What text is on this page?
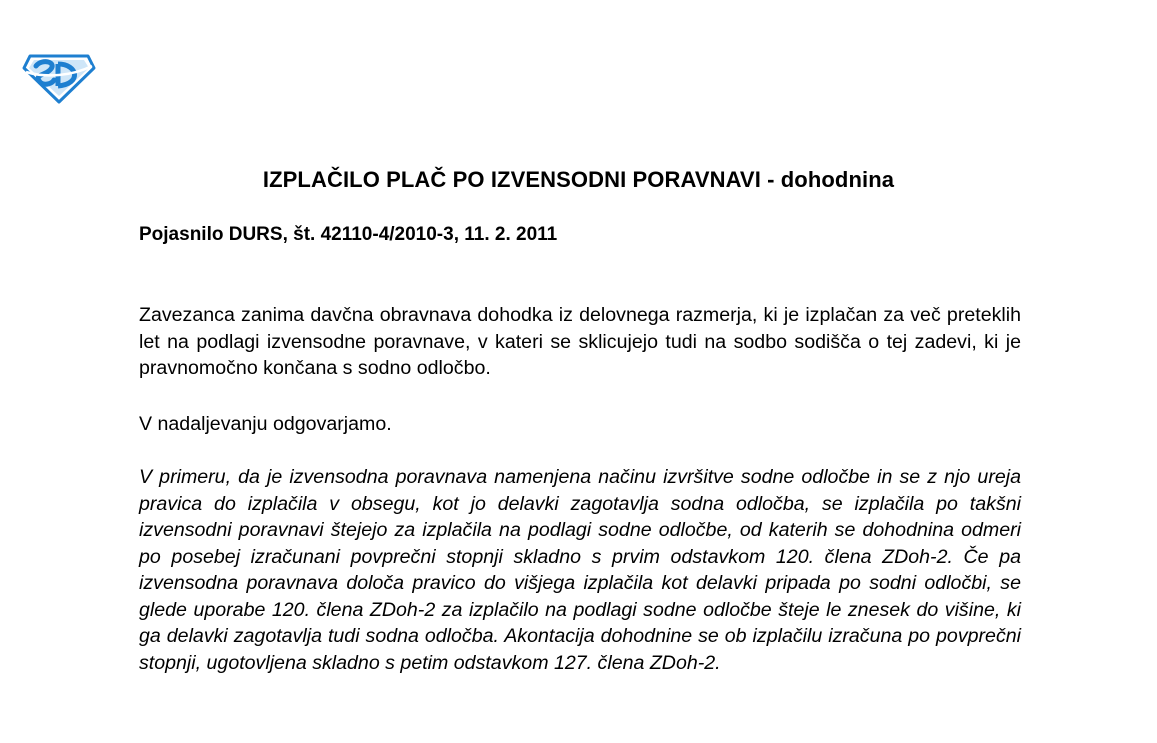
IZPLAČILO PLAČ PO IZVENSODNI PORAVNAVI - dohodnina

Pojasnilo DURS, št. 42110-4/2010-3, 11. 2. 2011

Zavezanca zanima davčna obravnava dohodka iz delovnega razmerja, ki je izplačan za več preteklih let na podlagi izvensodne poravnave, v kateri se sklicujejo tudi na sodbo sodišča o tej zadevi, ki je pravnomočno končana s sodno odločbo.

V nadaljevanju odgovarjamo.

V primeru, da je izvensodna poravnava namenjena načinu izvršitve sodne odločbe in se z njo ureja pravica do izplačila v obsegu, kot jo delavki zagotavlja sodna odločba, se izplačila po takšni izvensodni poravnavi štejejo za izplačila na podlagi sodne odločbe, od katerih se dohodnina odmeri po posebej izračunani povprečni stopnji skladno s prvim odstavkom 120. člena ZDoh-2. Če pa izvensodna poravnava določa pravico do višjega izplačila kot delavki pripada po sodni odločbi, se glede uporabe 120. člena ZDoh-2 za izplačilo na podlagi sodne odločbe šteje le znesek do višine, ki ga delavki zagotavlja tudi sodna odločba. Akontacija dohodnine se ob izplačilu izračuna po povprečni stopnji, ugotovljena skladno s petim odstavkom 127. člena ZDoh-2.
